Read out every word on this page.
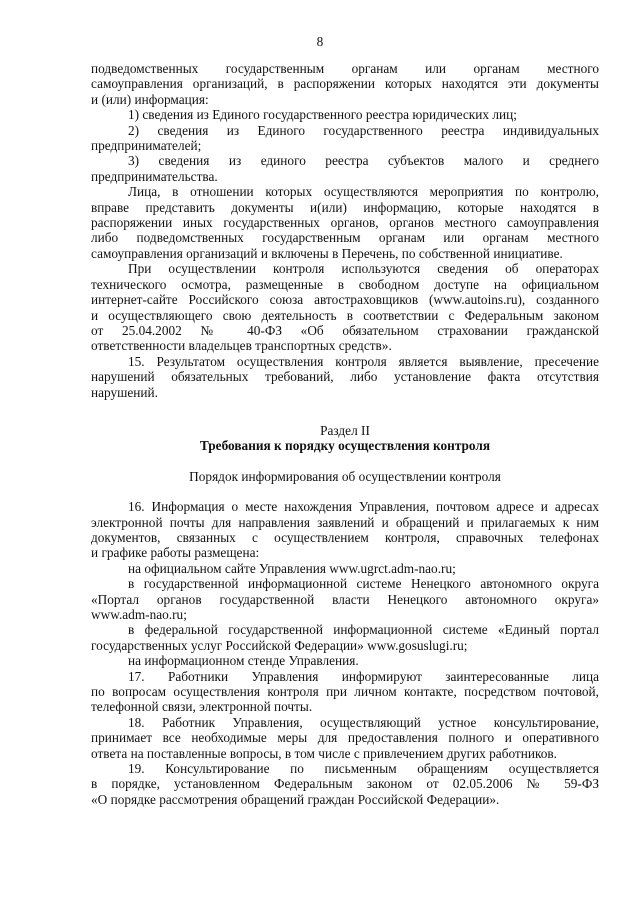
8
подведомственных государственным органам или органам местного
самоуправления организаций, в распоряжении которых находятся эти документы
и (или) информация:
1) сведения из Единого государственного реестра юридических лиц;
2) сведения из Единого государственного реестра индивидуальных
предпринимателей;
3) сведения из единого реестра субъектов малого и среднего
предпринимательства.
Лица, в отношении которых осуществляются мероприятия по контролю,
вправе представить документы и(или) информацию, которые находятся в
распоряжении иных государственных органов, органов местного самоуправления
либо подведомственных государственным органам или органам местного
самоуправления организаций и включены в Перечень, по собственной инициативе.
При осуществлении контроля используются сведения об операторах
технического осмотра, размещенные в свободном доступе на официальном
интернет-сайте Российского союза автостраховщиков (www.autoins.ru), созданного
и осуществляющего свою деятельность в соответствии с Федеральным законом
от 25.04.2002 № 40-ФЗ «Об обязательном страховании гражданской
ответственности владельцев транспортных средств».
15. Результатом осуществления контроля является выявление, пресечение
нарушений обязательных требований, либо установление факта отсутствия
нарушений.

Раздел II

Требования к порядку осуществления контроля

Порядок информирования об осуществлении контроля

16. Информация о месте нахождения Управления, почтовом адресе и адресах
электронной почты для направления заявлений и обращений и прилагаемых к ним
документов, связанных с осуществлением контроля, справочных телефонах
и графике работы размещена:
на официальном сайте Управления www.ugrct.adm-nao.ru;
в государственной информационной системе Ненецкого автономного округа
«Портал органов государственной власти Ненецкого автономного округа»
www.adm-nao.ru;
в федеральной государственной информационной системе «Единый портал
государственных услуг Российской Федерации» www.gosuslugi.ru;
на информационном стенде Управления.
17. Работники Управления информируют заинтересованные лица
по вопросам осуществления контроля при личном контакте, посредством почтовой,
телефонной связи, электронной почты.
18. Работник Управления, осуществляющий устное консультирование,
принимает все необходимые меры для предоставления полного и оперативного
ответа на поставленные вопросы, в том числе с привлечением других работников.
19. Консультирование по письменным обращениям осуществляется
в порядке, установленном Федеральным законом от 02.05.2006 № 59-ФЗ
«О порядке рассмотрения обращений граждан Российской Федерации».
